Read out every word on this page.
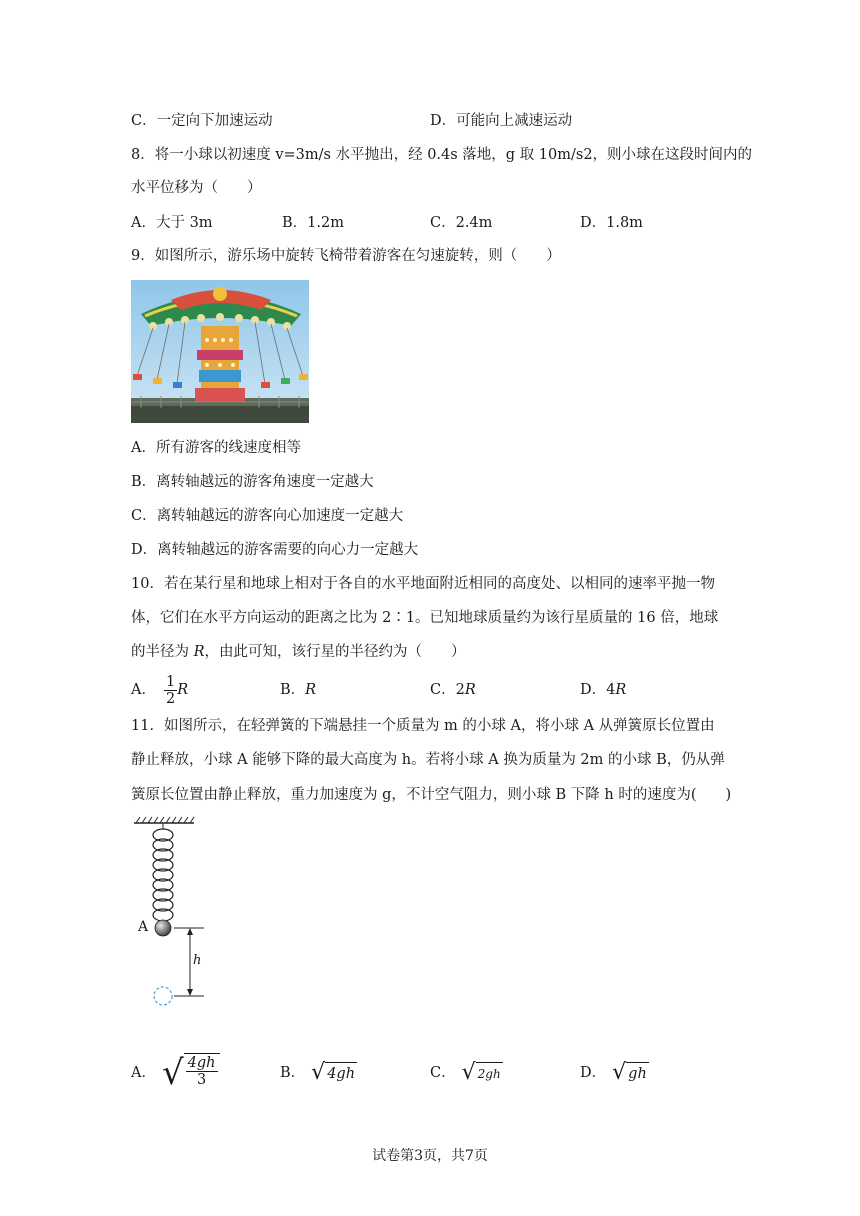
C．一定向下加速运动	D．可能向上减速运动
8．将一小球以初速度 v=3m/s 水平抛出，经 0.4s 落地，g 取 10m/s2，则小球在这段时间内的
水平位移为（　　）
A．大于 3m	B．1.2m	C．2.4m	D．1.8m
9．如图所示，游乐场中旋转飞椅带着游客在匀速旋转，则（　　）
A．所有游客的线速度相等
B．离转轴越远的游客角速度一定越大
C．离转轴越远的游客向心加速度一定越大
D．离转轴越远的游客需要的向心力一定越大
10．若在某行星和地球上相对于各自的水平地面附近相同的高度处、以相同的速率平抛一物
体，它们在水平方向运动的距离之比为 2∶1。已知地球质量约为该行星质量的 16 倍，地球
的半径为 R，由此可知，该行星的半径约为（　　）
A． $\frac{1}{2}$ R	B．R	C．2R	D．4R
11．如图所示，在轻弹簧的下端悬挂一个质量为 m 的小球 A，将小球 A 从弹簧原长位置由
静止释放，小球 A 能够下降的最大高度为 h。若将小球 A 换为质量为 2m 的小球 B，仍从弹
簧原长位置由静止释放，重力加速度为 g，不计空气阻力，则小球 B 下降 h 时的速度为(　　)
A
h
A． √ $\frac{4gh}{3}$	B． √ 4gh	C． √ 2gh	D． √ gh
试卷第3页，共7页
